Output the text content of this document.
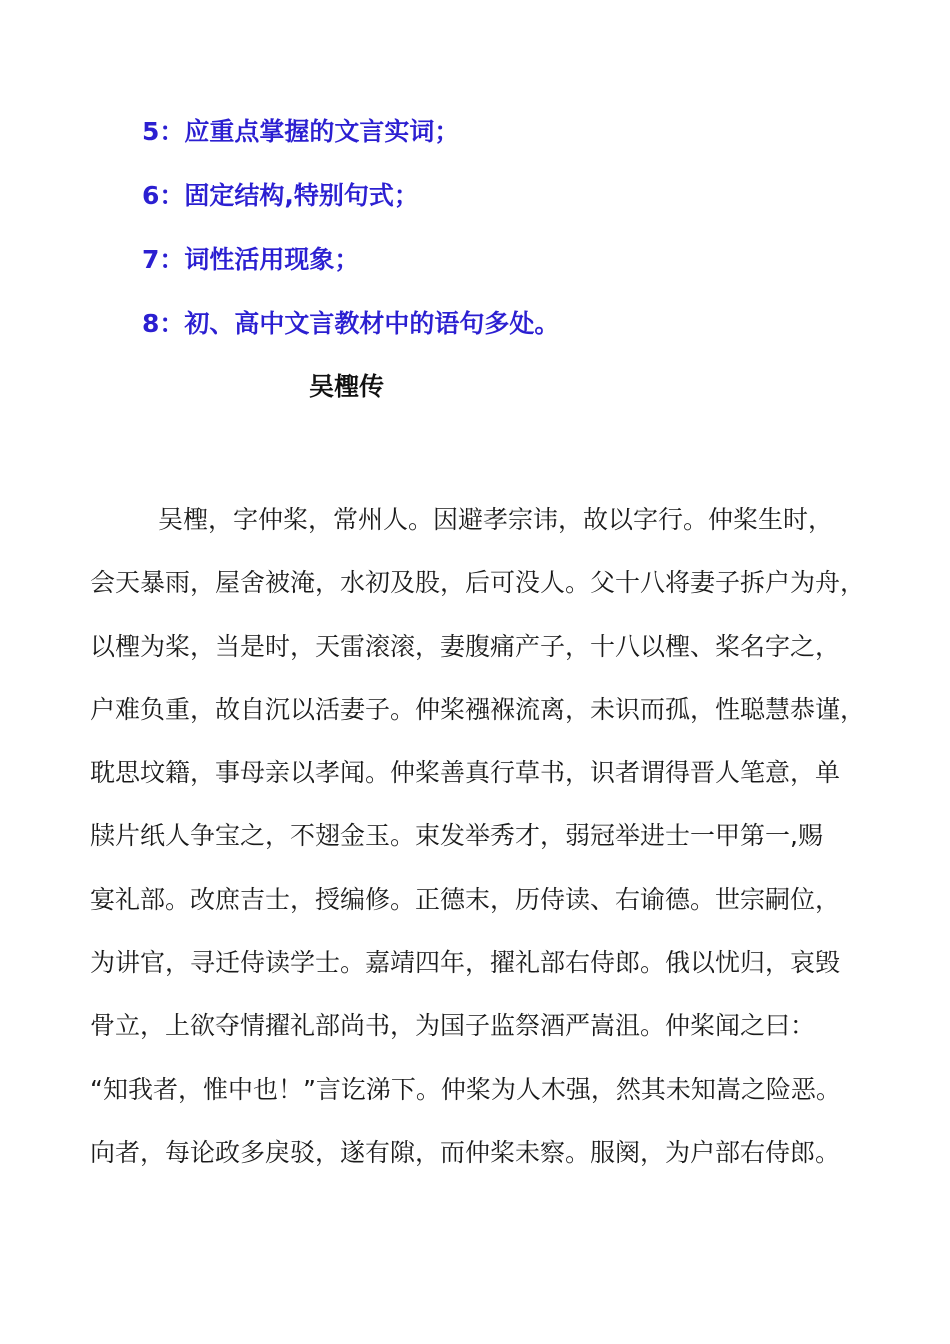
5：应重点掌握的文言实词；
6：固定结构,特别句式；
7：词性活用现象；
8：初、高中文言教材中的语句多处。
吴檉传
吴檉，字仲桨，常州人。因避孝宗讳，故以字行。仲桨生时，
会天暴雨，屋舍被淹，水初及股，后可没人。父十八将妻子拆户为舟，
以檉为桨，当是时，天雷滚滚，妻腹痛产子，十八以檉、桨名字之，
户难负重，故自沉以活妻子。仲桨襁褓流离，未识而孤，性聪慧恭谨，
耽思坟籍，事母亲以孝闻。仲桨善真行草书，识者谓得晋人笔意，单
牍片纸人争宝之，不翅金玉。束发举秀才，弱冠举进士一甲第一,赐
宴礼部。改庶吉士，授编修。正德末，历侍读、右谕德。世宗嗣位，
为讲官，寻迁侍读学士。嘉靖四年，擢礼部右侍郎。俄以忧归，哀毁
骨立，上欲夺情擢礼部尚书，为国子监祭酒严嵩沮。仲桨闻之曰：
“知我者，惟中也！”言讫涕下。仲桨为人木强，然其未知嵩之险恶。
向者，每论政多戾驳，遂有隙，而仲桨未察。服阕，为户部右侍郎。
